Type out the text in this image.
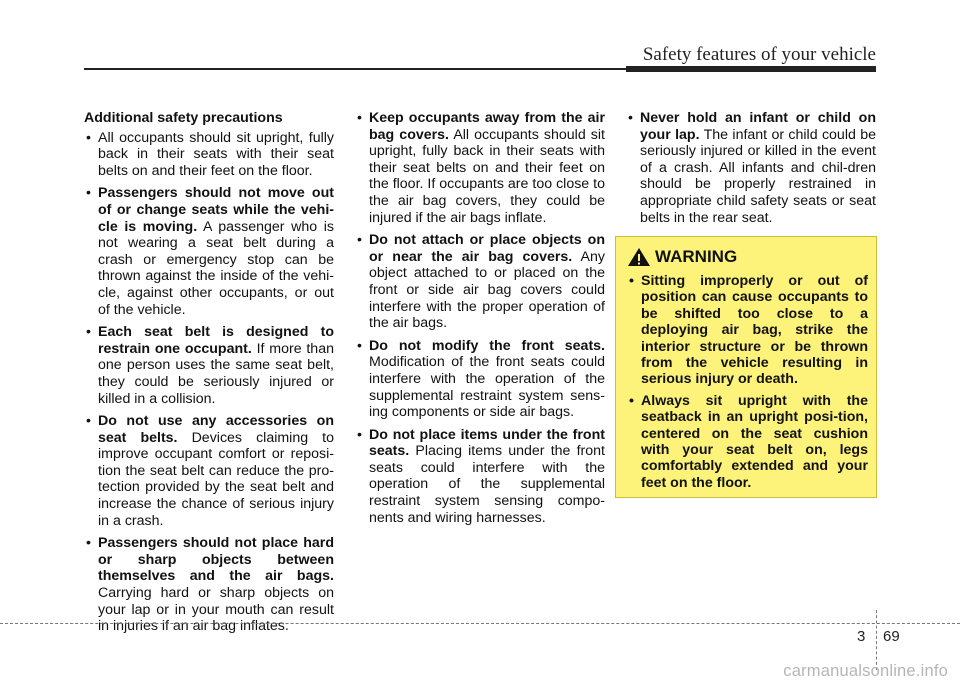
Safety features of your vehicle
Additional safety precautions
• All occupants should sit upright, fully back in their seats with their seat belts on and their feet on the floor.
• Passengers should not move out of or change seats while the vehi-cle is moving. A passenger who is not wearing a seat belt during a crash or emergency stop can be thrown against the inside of the vehi-cle, against other occupants, or out of the vehicle.
• Each seat belt is designed to restrain one occupant. If more than one person uses the same seat belt, they could be seriously injured or killed in a collision.
• Do not use any accessories on seat belts. Devices claiming to improve occupant comfort or reposi-tion the seat belt can reduce the pro-tection provided by the seat belt and increase the chance of serious injury in a crash.
• Passengers should not place hard or sharp objects between themselves and the air bags. Carrying hard or sharp objects on your lap or in your mouth can result in injuries if an air bag inflates.
• Keep occupants away from the air bag covers. All occupants should sit upright, fully back in their seats with their seat belts on and their feet on the floor. If occupants are too close to the air bag covers, they could be injured if the air bags inflate.
• Do not attach or place objects on or near the air bag covers. Any object attached to or placed on the front or side air bag covers could interfere with the proper operation of the air bags.
• Do not modify the front seats. Modification of the front seats could interfere with the operation of the supplemental restraint system sens-ing components or side air bags.
• Do not place items under the front seats. Placing items under the front seats could interfere with the operation of the supplemental restraint system sensing compo-nents and wiring harnesses.
• Never hold an infant or child on your lap. The infant or child could be seriously injured or killed in the event of a crash. All infants and chil-dren should be properly restrained in appropriate child safety seats or seat belts in the rear seat.
WARNING
• Sitting improperly or out of position can cause occupants to be shifted too close to a deploying air bag, strike the interior structure or be thrown from the vehicle resulting in serious injury or death.
• Always sit upright with the seatback in an upright posi-tion, centered on the seat cushion with your seat belt on, legs comfortably extended and your feet on the floor.
3 69
carmanualsonline.info
